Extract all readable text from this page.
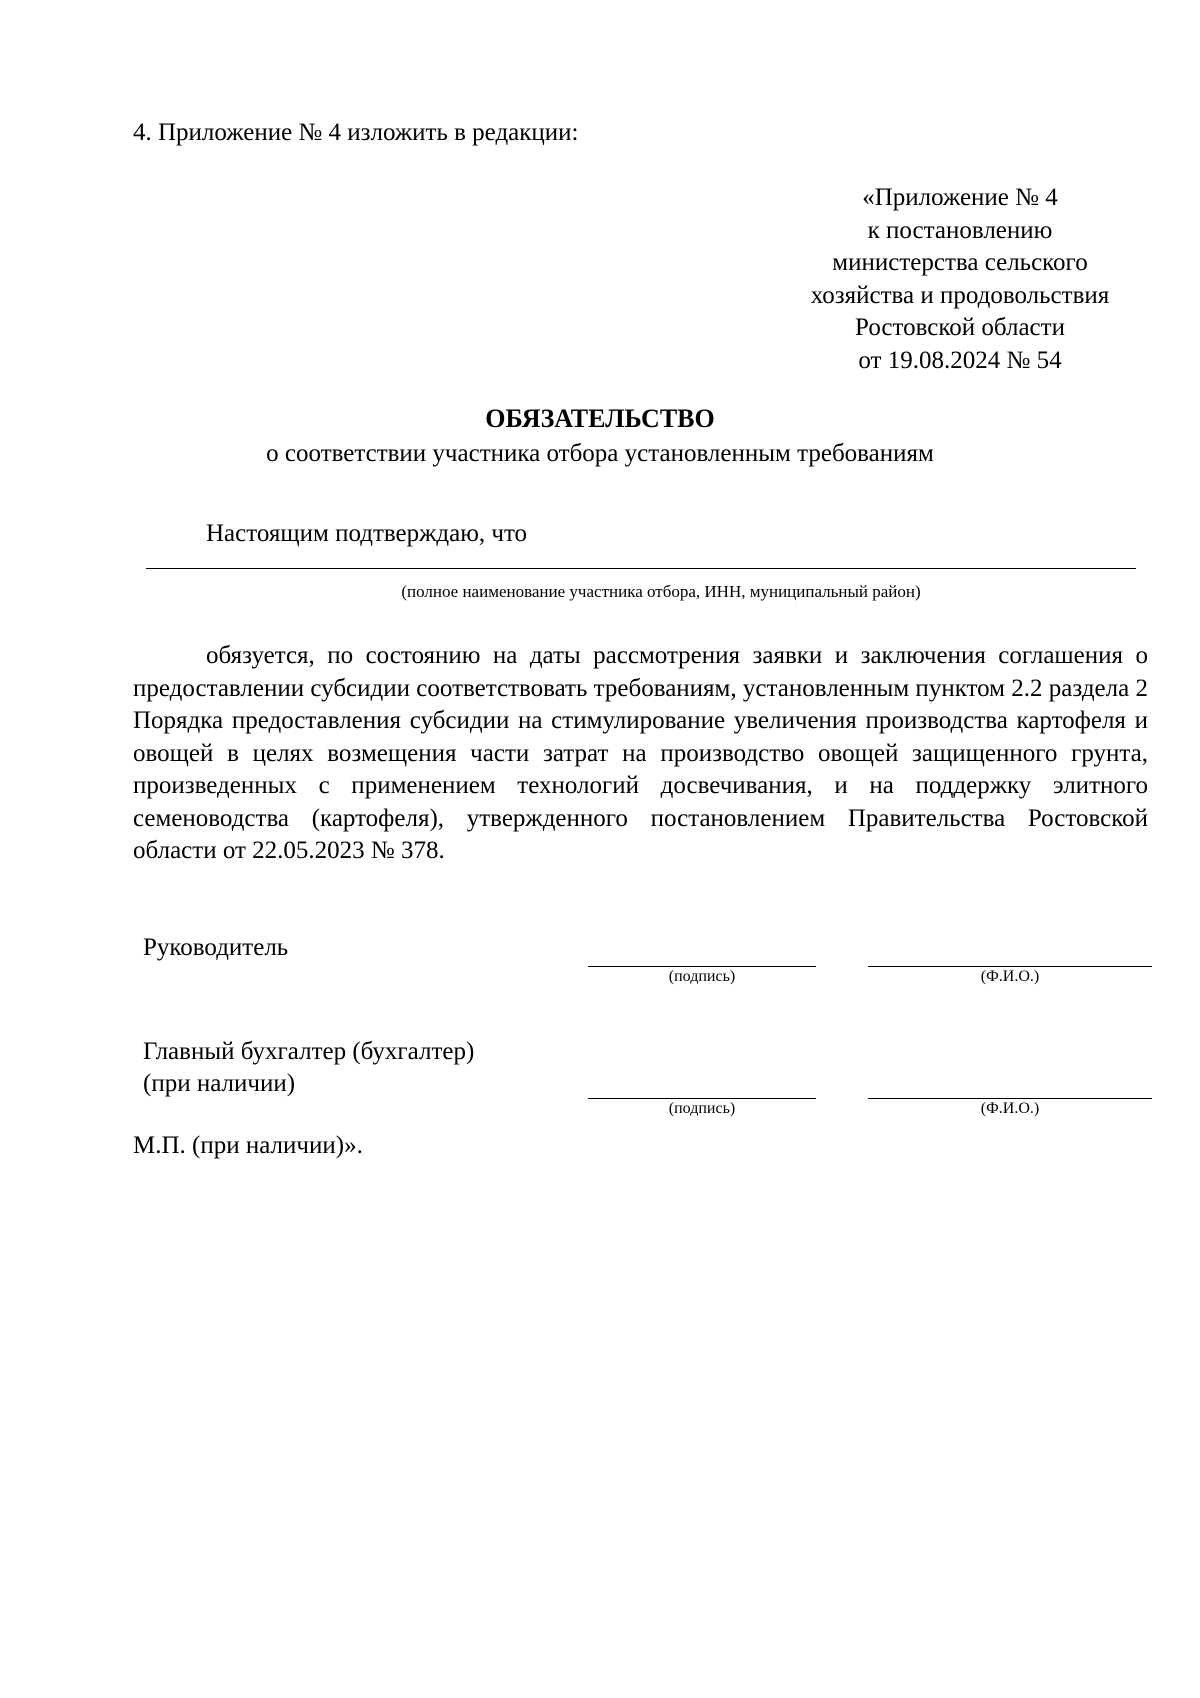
4. Приложение № 4 изложить в редакции:
«Приложение № 4
к постановлению
министерства сельского
хозяйства и продовольствия
Ростовской области
от 19.08.2024 № 54
ОБЯЗАТЕЛЬСТВО
о соответствии участника отбора установленным требованиям
Настоящим подтверждаю, что
(полное наименование участника отбора, ИНН, муниципальный район)
обязуется, по состоянию на даты рассмотрения заявки и заключения соглашения о предоставлении субсидии соответствовать требованиям, установленным пунктом 2.2 раздела 2 Порядка предоставления субсидии на стимулирование увеличения производства картофеля и овощей в целях возмещения части затрат на производство овощей защищенного грунта, произведенных с применением технологий досвечивания, и на поддержку элитного семеноводства (картофеля), утвержденного постановлением Правительства Ростовской области от 22.05.2023 № 378.
Руководитель
(подпись)	(Ф.И.О.)
Главный бухгалтер (бухгалтер)
(при наличии)
(подпись)	(Ф.И.О.)
М.П. (при наличии)».
